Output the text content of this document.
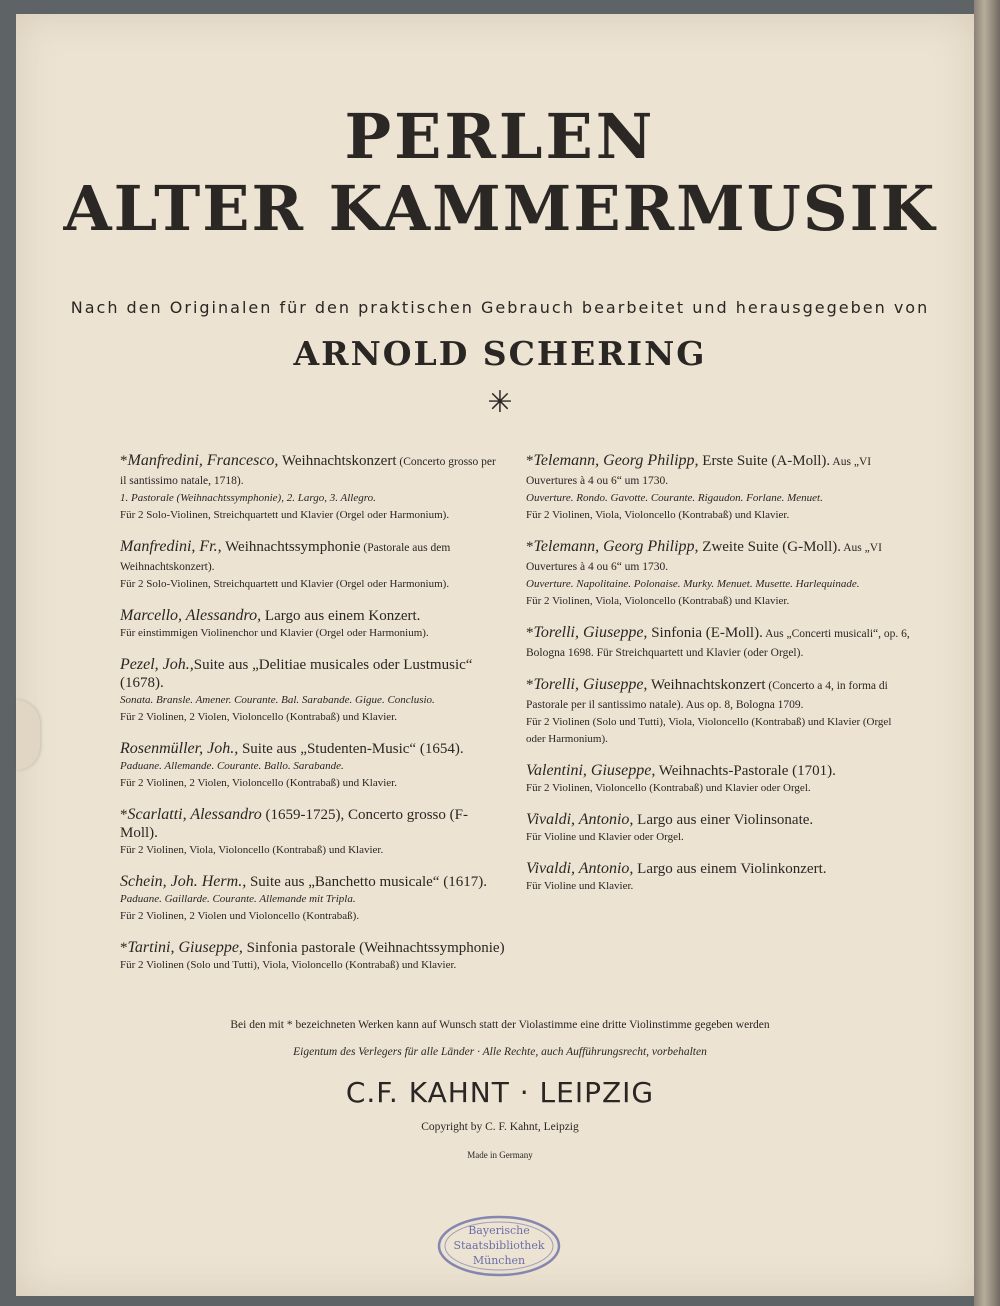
PERLEN
ALTER KAMMERMUSIK
Nach den Originalen für den praktischen Gebrauch bearbeitet und herausgegeben von
ARNOLD SCHERING
✳
*Manfredini, Francesco, Weihnachtskonzert (Concerto grosso per il santissimo natale, 1718).
1. Pastorale (Weihnachtssymphonie), 2. Largo, 3. Allegro.
Für 2 Solo-Violinen, Streichquartett und Klavier (Orgel oder Harmonium).
Manfredini, Fr., Weihnachtssymphonie (Pastorale aus dem Weihnachtskonzert).
Für 2 Solo-Violinen, Streichquartett und Klavier (Orgel oder Harmonium).
Marcello, Alessandro, Largo aus einem Konzert.
Für einstimmigen Violinenchor und Klavier (Orgel oder Harmonium).
Pezel, Joh.,Suite aus „Delitiae musicales oder Lustmusic“ (1678).
Sonata. Bransle. Amener. Courante. Bal. Sarabande. Gigue. Conclusio.
Für 2 Violinen, 2 Violen, Violoncello (Kontrabaß) und Klavier.
Rosenmüller, Joh., Suite aus „Studenten-Music“ (1654).
Paduane. Allemande. Courante. Ballo. Sarabande.
Für 2 Violinen, 2 Violen, Violoncello (Kontrabaß) und Klavier.
*Scarlatti, Alessandro (1659-1725), Concerto grosso (F-Moll).
Für 2 Violinen, Viola, Violoncello (Kontrabaß) und Klavier.
Schein, Joh. Herm., Suite aus „Banchetto musicale“ (1617).
Paduane. Gaillarde. Courante. Allemande mit Tripla.
Für 2 Violinen, 2 Violen und Violoncello (Kontrabaß).
*Tartini, Giuseppe, Sinfonia pastorale (Weihnachtssymphonie)
Für 2 Violinen (Solo und Tutti), Viola, Violoncello (Kontrabaß) und Klavier.
*Telemann, Georg Philipp, Erste Suite (A-Moll). Aus „VI Ouvertures à 4 ou 6“ um 1730.
Ouverture. Rondo. Gavotte. Courante. Rigaudon. Forlane. Menuet.
Für 2 Violinen, Viola, Violoncello (Kontrabaß) und Klavier.
*Telemann, Georg Philipp, Zweite Suite (G-Moll). Aus „VI Ouvertures à 4 ou 6“ um 1730.
Ouverture. Napolitaine. Polonaise. Murky. Menuet. Musette. Harlequinade.
Für 2 Violinen, Viola, Violoncello (Kontrabaß) und Klavier.
*Torelli, Giuseppe, Sinfonia (E-Moll). Aus „Concerti musicali“, op. 6, Bologna 1698. Für Streichquartett und Klavier (oder Orgel).
*Torelli, Giuseppe, Weihnachtskonzert (Concerto a 4, in forma di Pastorale per il santissimo natale). Aus op. 8, Bologna 1709.
Für 2 Violinen (Solo und Tutti), Viola, Violoncello (Kontrabaß) und Klavier (Orgel oder Harmonium).
Valentini, Giuseppe, Weihnachts-Pastorale (1701).
Für 2 Violinen, Violoncello (Kontrabaß) und Klavier oder Orgel.
Vivaldi, Antonio, Largo aus einer Violinsonate.
Für Violine und Klavier oder Orgel.
Vivaldi, Antonio, Largo aus einem Violinkonzert.
Für Violine und Klavier.
Bei den mit * bezeichneten Werken kann auf Wunsch statt der Violastimme eine dritte Violinstimme gegeben werden
Eigentum des Verlegers für alle Länder · Alle Rechte, auch Aufführungsrecht, vorbehalten
C.F. KAHNT · LEIPZIG
Copyright by C. F. Kahnt, Leipzig
Made in Germany
Bayerische
Staatsbibliothek
München
